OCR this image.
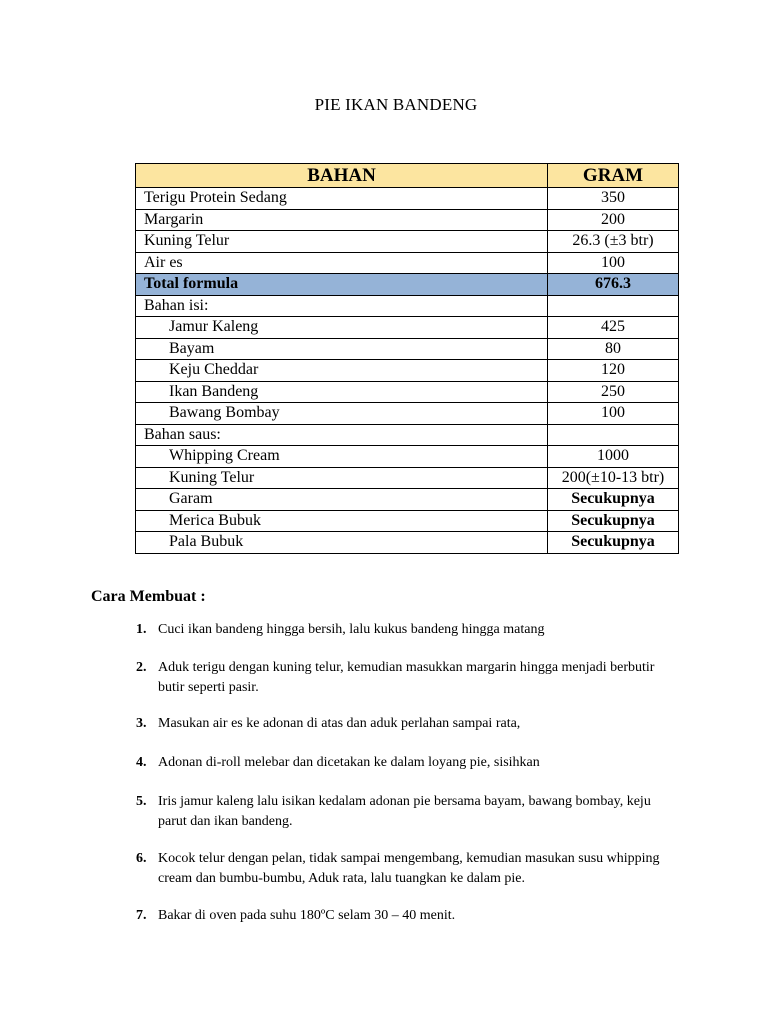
PIE IKAN BANDENG
BAHAN	GRAM
Terigu Protein Sedang	350
Margarin	200
Kuning Telur	26.3 (±3 btr)
Air es	100
Total formula	676.3
Bahan isi:	
Jamur Kaleng	425
Bayam	80
Keju Cheddar	120
Ikan Bandeng	250
Bawang Bombay	100
Bahan saus:	
Whipping Cream	1000
Kuning Telur	200(±10-13 btr)
Garam	Secukupnya
Merica Bubuk	Secukupnya
Pala Bubuk	Secukupnya
Cara Membuat :
1. Cuci ikan bandeng hingga bersih, lalu kukus bandeng hingga matang
2. Aduk terigu dengan kuning telur, kemudian masukkan margarin hingga menjadi berbutir butir seperti pasir.
3. Masukan air es ke adonan di atas dan aduk perlahan sampai rata,
4. Adonan di-roll melebar dan dicetakan ke dalam loyang pie, sisihkan
5. Iris jamur kaleng lalu isikan kedalam adonan pie bersama bayam, bawang bombay, keju parut dan ikan bandeng.
6. Kocok telur dengan pelan, tidak sampai mengembang, kemudian masukan susu whipping cream dan bumbu-bumbu, Aduk rata, lalu tuangkan ke dalam pie.
7. Bakar di oven pada suhu 180ºC selam 30 – 40 menit.
